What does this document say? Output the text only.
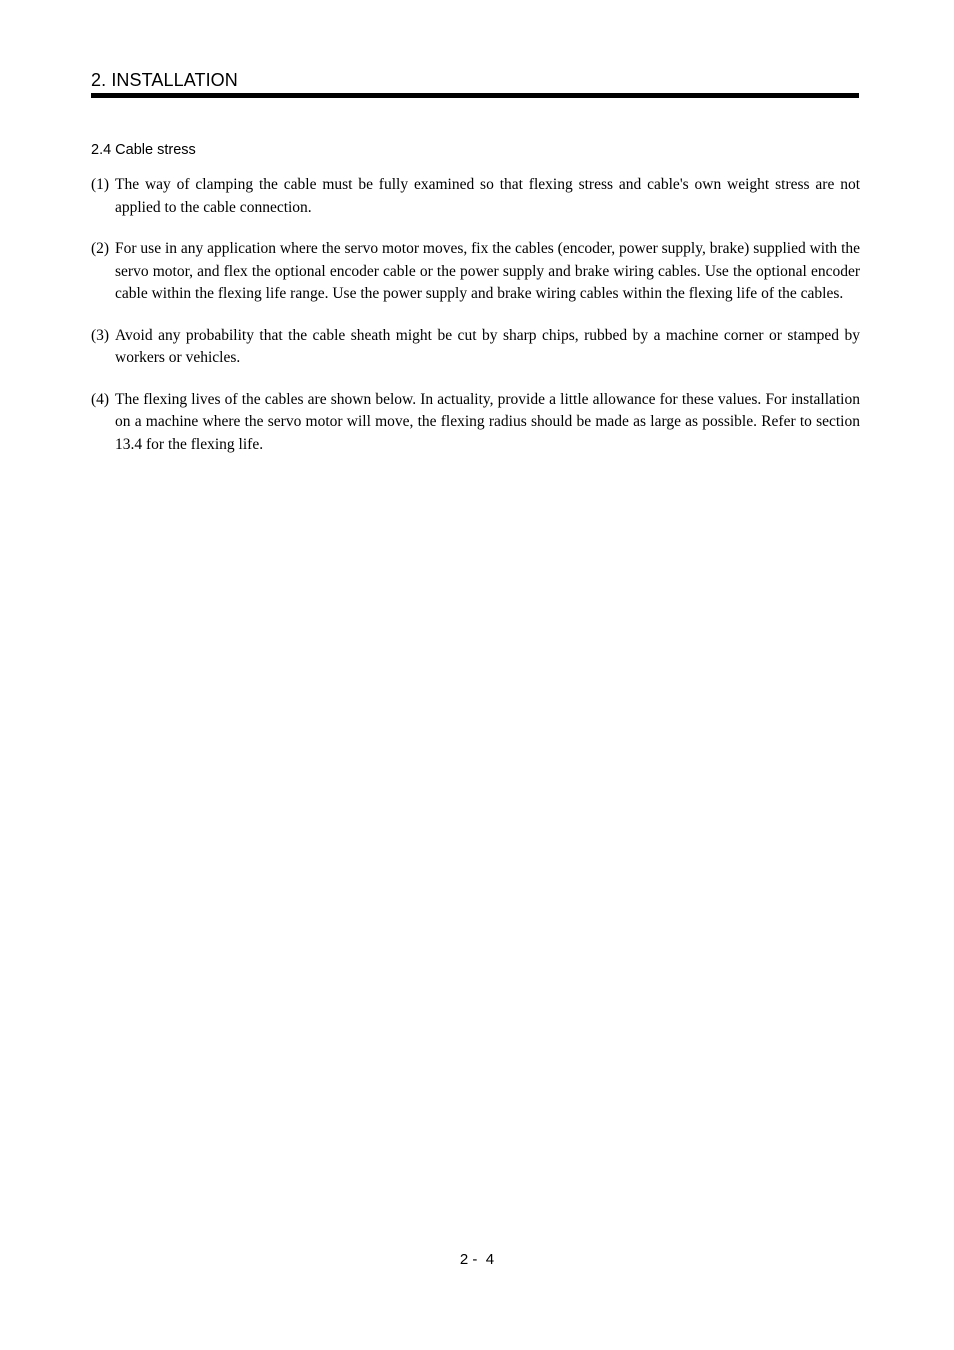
2. INSTALLATION
2.4 Cable stress
(1) The way of clamping the cable must be fully examined so that flexing stress and cable's own weight stress are not applied to the cable connection.
(2) For use in any application where the servo motor moves, fix the cables (encoder, power supply, brake) supplied with the servo motor, and flex the optional encoder cable or the power supply and brake wiring cables. Use the optional encoder cable within the flexing life range. Use the power supply and brake wiring cables within the flexing life of the cables.
(3) Avoid any probability that the cable sheath might be cut by sharp chips, rubbed by a machine corner or stamped by workers or vehicles.
(4) The flexing lives of the cables are shown below. In actuality, provide a little allowance for these values. For installation on a machine where the servo motor will move, the flexing radius should be made as large as possible. Refer to section 13.4 for the flexing life.
2 -  4
